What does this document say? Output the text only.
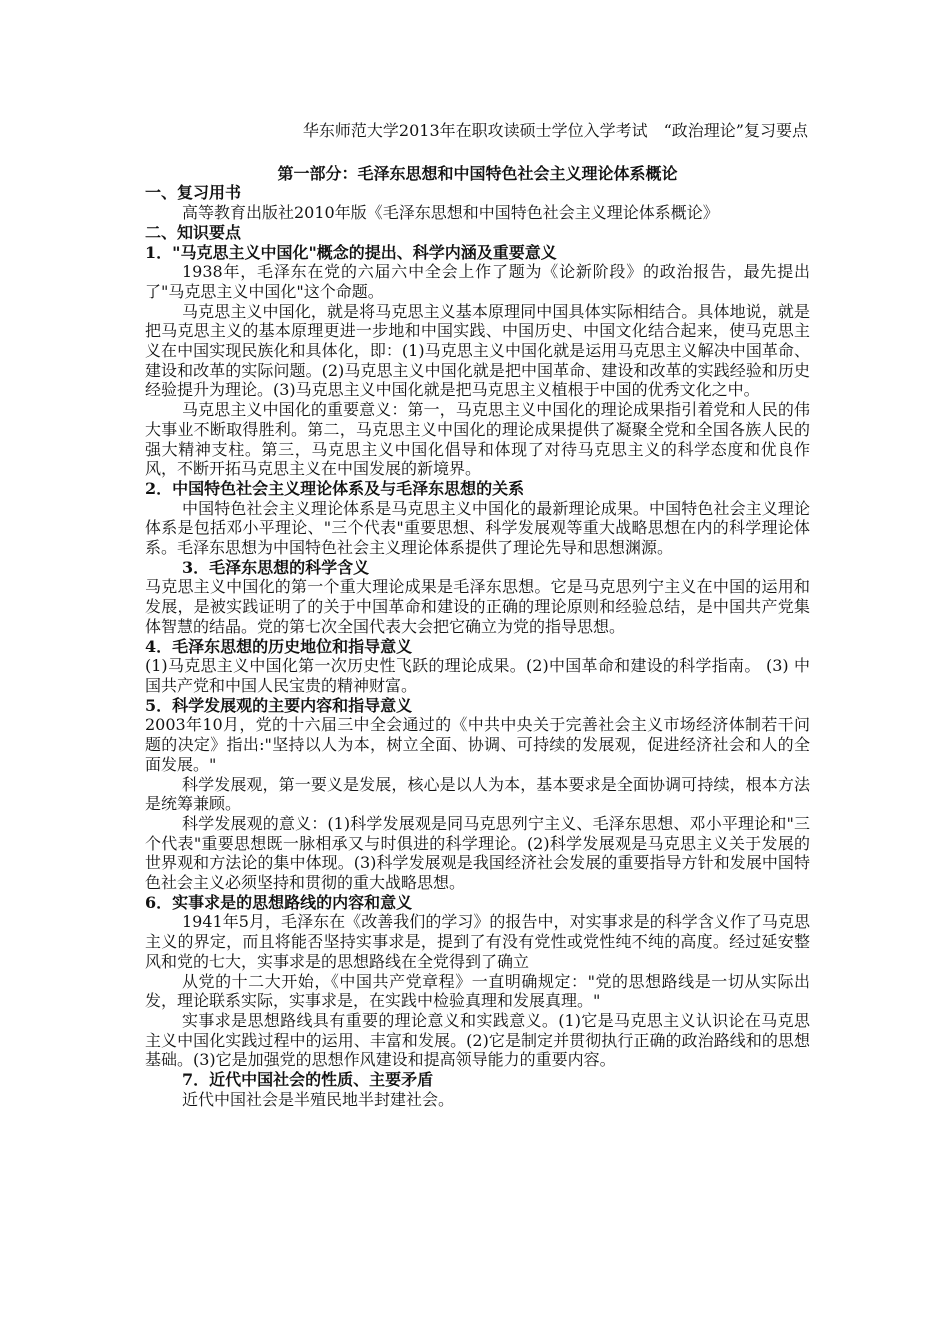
华东师范大学2013年在职攻读硕士学位入学考试　“政治理论”复习要点

第一部分：毛泽东思想和中国特色社会主义理论体系概论

一、复习用书

高等教育出版社2010年版《毛泽东思想和中国特色社会主义理论体系概论》

二、知识要点

1．"马克思主义中国化"概念的提出、科学内涵及重要意义

1938年，毛泽东在党的六届六中全会上作了题为《论新阶段》的政治报告，最先提出了"马克思主义中国化"这个命题。

马克思主义中国化，就是将马克思主义基本原理同中国具体实际相结合。具体地说，就是把马克思主义的基本原理更进一步地和中国实践、中国历史、中国文化结合起来，使马克思主义在中国实现民族化和具体化，即：(1)马克思主义中国化就是运用马克思主义解决中国革命、建设和改革的实际问题。(2)马克思主义中国化就是把中国革命、建设和改革的实践经验和历史经验提升为理论。(3)马克思主义中国化就是把马克思主义植根于中国的优秀文化之中。

马克思主义中国化的重要意义：第一，马克思主义中国化的理论成果指引着党和人民的伟大事业不断取得胜利。第二，马克思主义中国化的理论成果提供了凝聚全党和全国各族人民的强大精神支柱。第三，马克思主义中国化倡导和体现了对待马克思主义的科学态度和优良作风，不断开拓马克思主义在中国发展的新境界。

2．中国特色社会主义理论体系及与毛泽东思想的关系

中国特色社会主义理论体系是马克思主义中国化的最新理论成果。中国特色社会主义理论体系是包括邓小平理论、"三个代表"重要思想、科学发展观等重大战略思想在内的科学理论体系。毛泽东思想为中国特色社会主义理论体系提供了理论先导和思想渊源。

3．毛泽东思想的科学含义

马克思主义中国化的第一个重大理论成果是毛泽东思想。它是马克思列宁主义在中国的运用和发展，是被实践证明了的关于中国革命和建设的正确的理论原则和经验总结，是中国共产党集体智慧的结晶。党的第七次全国代表大会把它确立为党的指导思想。

4．毛泽东思想的历史地位和指导意义

(1)马克思主义中国化第一次历史性飞跃的理论成果。(2)中国革命和建设的科学指南。 (3) 中国共产党和中国人民宝贵的精神财富。

5．科学发展观的主要内容和指导意义

2003年10月，党的十六届三中全会通过的《中共中央关于完善社会主义市场经济体制若干问题的决定》指出:"坚持以人为本，树立全面、协调、可持续的发展观，促进经济社会和人的全面发展。"

科学发展观，第一要义是发展，核心是以人为本，基本要求是全面协调可持续，根本方法是统筹兼顾。

科学发展观的意义：(1)科学发展观是同马克思列宁主义、毛泽东思想、邓小平理论和"三个代表"重要思想既一脉相承又与时俱进的科学理论。(2)科学发展观是马克思主义关于发展的世界观和方法论的集中体现。(3)科学发展观是我国经济社会发展的重要指导方针和发展中国特色社会主义必须坚持和贯彻的重大战略思想。

6．实事求是的思想路线的内容和意义

1941年5月，毛泽东在《改善我们的学习》的报告中，对实事求是的科学含义作了马克思主义的界定，而且将能否坚持实事求是，提到了有没有党性或党性纯不纯的高度。经过延安整风和党的七大，实事求是的思想路线在全党得到了确立

从党的十二大开始，《中国共产党章程》一直明确规定："党的思想路线是一切从实际出发，理论联系实际，实事求是，在实践中检验真理和发展真理。"

实事求是思想路线具有重要的理论意义和实践意义。(1)它是马克思主义认识论在马克思主义中国化实践过程中的运用、丰富和发展。(2)它是制定并贯彻执行正确的政治路线和的思想基础。(3)它是加强党的思想作风建设和提高领导能力的重要内容。

7．近代中国社会的性质、主要矛盾

近代中国社会是半殖民地半封建社会。
